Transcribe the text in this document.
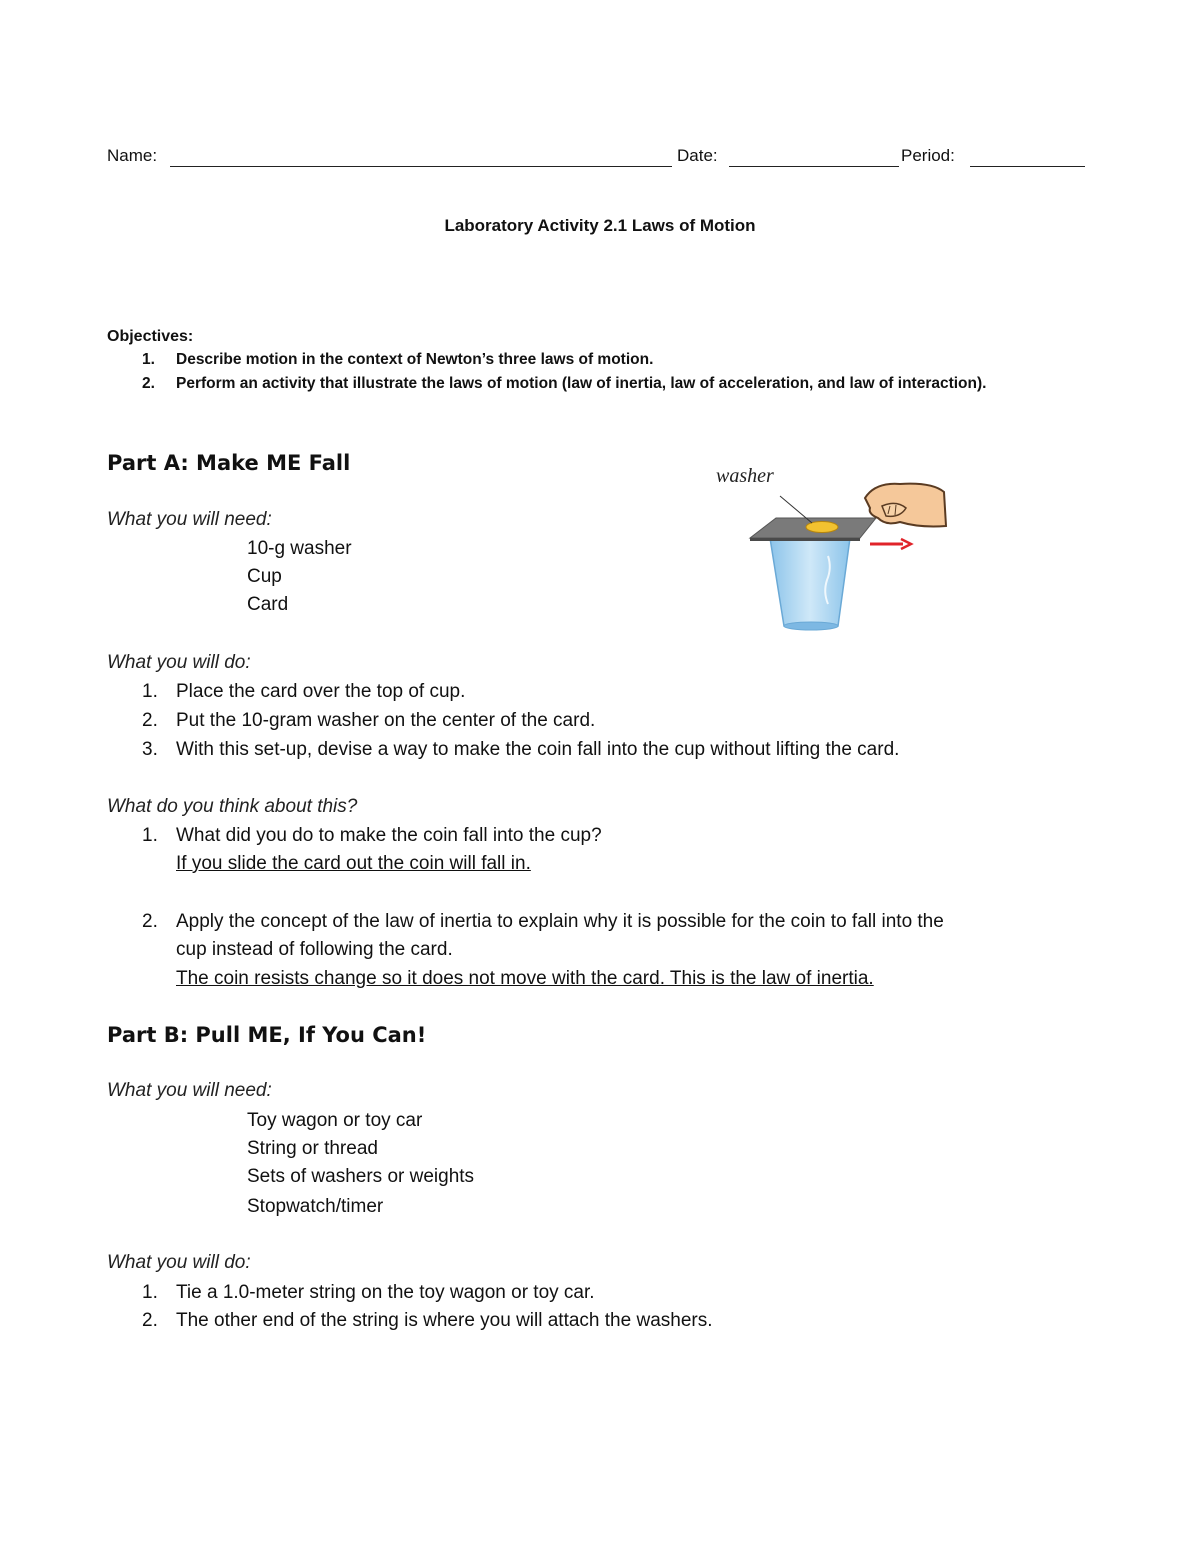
Name:	Date:	Period:
Laboratory Activity 2.1 Laws of Motion
Objectives:
1. Describe motion in the context of Newton’s three laws of motion.
2. Perform an activity that illustrate the laws of motion (law of inertia, law of acceleration, and law of interaction).
Part A: Make ME Fall
What you will need:
10-g washer
Cup
Card
washer
What you will do:
1. Place the card over the top of cup.
2. Put the 10-gram washer on the center of the card.
3. With this set-up, devise a way to make the coin fall into the cup without lifting the card.
What do you think about this?
1. What did you do to make the coin fall into the cup?
If you slide the card out the coin will fall in.
2. Apply the concept of the law of inertia to explain why it is possible for the coin to fall into the
cup instead of following the card.
The coin resists change so it does not move with the card. This is the law of inertia.
Part B: Pull ME, If You Can!
What you will need:
Toy wagon or toy car
String or thread
Sets of washers or weights
Stopwatch/timer
What you will do:
1. Tie a 1.0-meter string on the toy wagon or toy car.
2. The other end of the string is where you will attach the washers.
